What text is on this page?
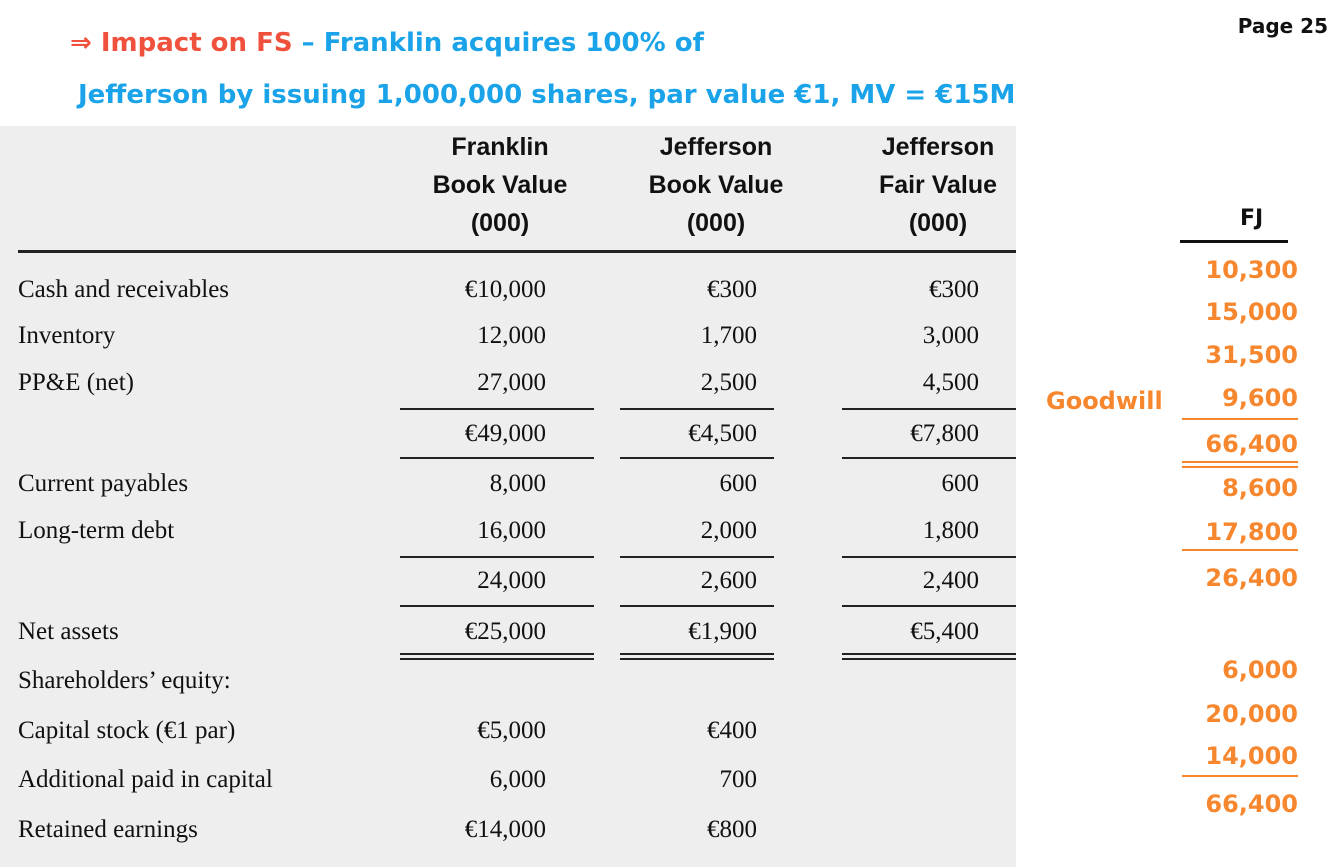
Page 25
⇒ Impact on FS – Franklin acquires 100% of
Jefferson by issuing 1,000,000 shares, par value €1, MV = €15M
Franklin
Book Value
(000)
Jefferson
Book Value
(000)
Jefferson
Fair Value
(000)
Cash and receivables
Inventory
PP&E (net)
Current payables
Long-term debt
Net assets
Shareholders’ equity:
Capital stock (€1 par)
Additional paid in capital
Retained earnings
€10,000
12,000
27,000
€49,000
8,000
16,000
24,000
€25,000
€5,000
6,000
€14,000
€300
1,700
2,500
€4,500
600
2,000
2,600
€1,900
€400
700
€800
€300
3,000
4,500
€7,800
600
1,800
2,400
€5,400
FJ
10,300
15,000
31,500
Goodwill 9,600
66,400
8,600
17,800
26,400
6,000
20,000
14,000
66,400
